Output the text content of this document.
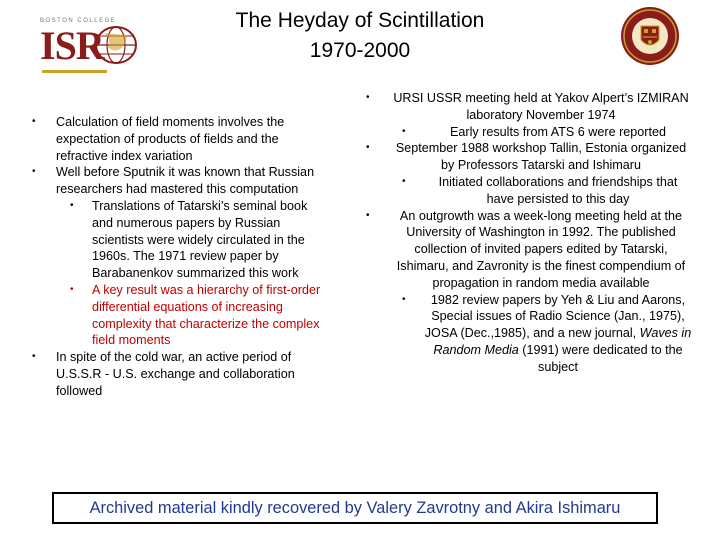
BOSTON COLLEGE
ISR
The Heyday of Scintillation
1970-2000
• Calculation of field moments involves the expectation of products of fields and the refractive index variation
• Well before Sputnik it was known that Russian researchers had mastered this computation
• Translations of Tatarski’s seminal book and numerous papers by Russian scientists were widely circulated in the 1960s. The 1971 review paper by Barabanenkov summarized this work
• A key result was a hierarchy of first-order differential equations of increasing complexity that characterize the complex field moments
• In spite of the cold war, an active period of U.S.S.R - U.S. exchange and collaboration followed
• URSI USSR meeting held at Yakov Alpert’s IZMIRAN laboratory November 1974
•	Early results from ATS 6 were reported
• September 1988 workshop Tallin, Estonia organized by Professors Tatarski and Ishimaru
•	Initiated collaborations and friendships that have persisted to this day
• An outgrowth was a week-long meeting held at the University of Washington in 1992. The published collection of invited papers edited by Tatarski, Ishimaru, and Zavronity is the finest compendium of propagation in random media available
• 1982 review papers by Yeh & Liu and Aarons, Special issues of Radio Science (Jan., 1975), JOSA (Dec.,1985), and a new journal, Waves in Random Media (1991) were dedicated to the subject
Archived material kindly recovered by Valery Zavrotny and Akira Ishimaru
